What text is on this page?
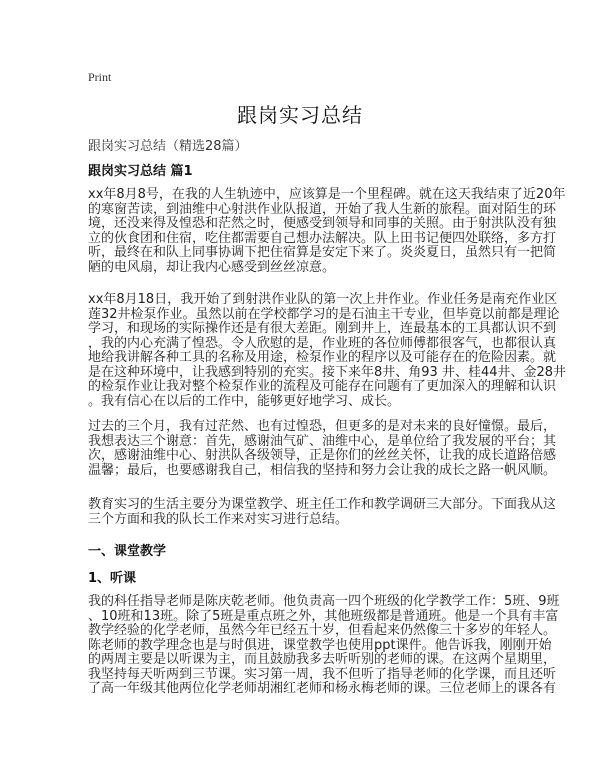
Print
跟岗实习总结
跟岗实习总结（精选28篇）
跟岗实习总结 篇1
xx年8月8号，在我的人生轨迹中，应该算是一个里程碑。就在这天我结束了近20年
的寒窗苦读，到油维中心射洪作业队报道，开始了我人生新的旅程。面对陌生的环
境，还没来得及惶恐和茫然之时，便感受到领导和同事的关照。由于射洪队没有独
立的伙食团和住宿，吃住都需要自己想办法解决。队上田书记便四处联络，多方打
听，最终在和队上同事协调下把住宿算是安定下来了。炎炎夏日，虽然只有一把简
陋的电风扇，却让我内心感受到丝丝凉意。
xx年8月18日，我开始了到射洪作业队的第一次上井作业。作业任务是南充作业区
莲32井检泵作业。虽然以前在学校都学习的是石油主干专业，但毕竟以前都是理论
学习，和现场的实际操作还是有很大差距。刚到井上，连最基本的工具都认识不到
，我的内心充满了惶恐。令人欣慰的是，作业班的各位师傅都很客气，也都很认真
地给我讲解各种工具的名称及用途，检泵作业的程序以及可能存在的危险因素。就
是在这种环境中，让我感到特别的充实。接下来年8井、角93 井、桂44井、金28井
的检泵作业让我对整个检泵作业的流程及可能存在问题有了更加深入的理解和认识
。我有信心在以后的工作中，能够更好地学习、成长。
过去的三个月，我有过茫然、也有过惶恐，但更多的是对未来的良好憧憬。最后，
我想表达三个谢意：首先，感谢油气矿、油维中心，是单位给了我发展的平台；其
次，感谢油维中心、射洪队各级领导，正是你们的丝丝关怀，让我的成长道路倍感
温馨；最后，也要感谢我自己，相信我的坚持和努力会让我的成长之路一帆风顺。
教育实习的生活主要分为课堂教学、班主任工作和教学调研三大部分。下面我从这
三个方面和我的队长工作来对实习进行总结。
一、课堂教学
1、听课
我的科任指导老师是陈庆乾老师。他负责高一四个班级的化学教学工作：5班、9班
、10班和13班。除了5班是重点班之外，其他班级都是普通班。他是一个具有丰富
教学经验的化学老师，虽然今年已经五十岁，但看起来仍然像三十多岁的年轻人。
陈老师的教学理念也是与时俱进，课堂教学也使用ppt课件。他告诉我，刚刚开始
的两周主要是以听课为主，而且鼓励我多去听听别的老师的课。在这两个星期里，
我坚持每天听两到三节课。实习第一周，我不但听了指导老师的化学课，而且还听
了高一年级其他两位化学老师胡湘红老师和杨永梅老师的课。三位老师上的课各有
